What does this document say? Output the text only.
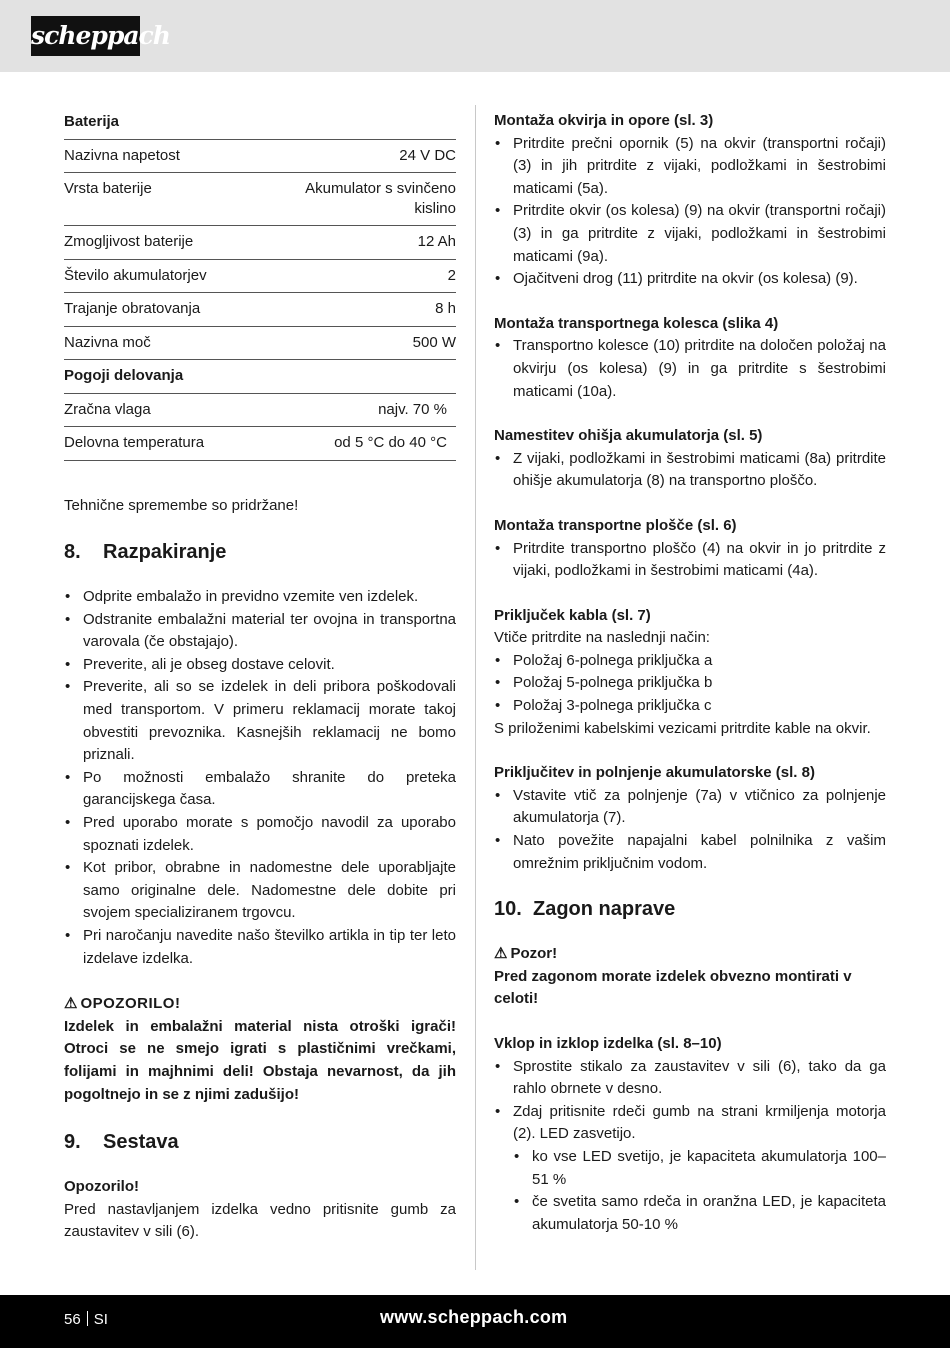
scheppach
Baterija	
Nazivna napetost	24 V DC
Vrsta baterije	Akumulator s svinčeno kislino
Zmogljivost baterije	12 Ah
Število akumulatorjev	2
Trajanje obratovanja	8 h
Nazivna moč	500 W
Pogoji delovanja	
Zračna vlaga	najv. 70 %
Delovna temperatura	od 5 °C do 40 °C

Tehnične spremembe so pridržane!

8. Razpakiranje
• Odprite embalažo in previdno vzemite ven izdelek.
• Odstranite embalažni material ter ovojna in transportna varovala (če obstajajo).
• Preverite, ali je obseg dostave celovit.
• Preverite, ali so se izdelek in deli pribora poškodovali med transportom. V primeru reklamacij morate takoj obvestiti prevoznika. Kasnejših reklamacij ne bomo priznali.
• Po možnosti embalažo shranite do preteka garancijskega časa.
• Pred uporabo morate s pomočjo navodil za uporabo spoznati izdelek.
• Kot pribor, obrabne in nadomestne dele uporabljajte samo originalne dele. Nadomestne dele dobite pri svojem specializiranem trgovcu.
• Pri naročanju navedite našo številko artikla in tip ter leto izdelave izdelka.
⚠ OPOZORILO!

Izdelek in embalažni material nista otroški igrači! Otroci se ne smejo igrati s plastičnimi vrečkami, folijami in majhnimi deli! Obstaja nevarnost, da jih pogoltnejo in se z njimi zadušijo!

9. Sestava

Opozorilo!

Pred nastavljanjem izdelka vedno pritisnite gumb za zaustavitev v sili (6).

Montaža okvirja in opore (sl. 3)
• Pritrdite prečni opornik (5) na okvir (transportni ročaji) (3) in jih pritrdite z vijaki, podložkami in šestrobimi maticami (5a).
• Pritrdite okvir (os kolesa) (9) na okvir (transportni ročaji) (3) in ga pritrdite z vijaki, podložkami in šestrobimi maticami (9a).
• Ojačitveni drog (11) pritrdite na okvir (os kolesa) (9).
Montaža transportnega kolesca (slika 4)
• Transportno kolesce (10) pritrdite na določen položaj na okvirju (os kolesa) (9) in ga pritrdite s šestrobimi maticami (10a).
Namestitev ohišja akumulatorja (sl. 5)
• Z vijaki, podložkami in šestrobimi maticami (8a) pritrdite ohišje akumulatorja (8) na transportno ploščo.
Montaža transportne plošče (sl. 6)
• Pritrdite transportno ploščo (4) na okvir in jo pritrdite z vijaki, podložkami in šestrobimi maticami (4a).
Priključek kabla (sl. 7)

Vtiče pritrdite na naslednji način:

• Položaj 6-polnega priključka a
• Položaj 5-polnega priključka b
• Položaj 3-polnega priključka c

S priloženimi kabelskimi vezicami pritrdite kable na okvir.

Priključitev in polnjenje akumulatorske (sl. 8)
• Vstavite vtič za polnjenje (7a) v vtičnico za polnjenje akumulatorja (7).
• Nato povežite napajalni kabel polnilnika z vašim omrežnim priključnim vodom.
10. Zagon naprave
⚠ Pozor!

Pred zagonom morate izdelek obvezno montirati v celoti!

Vklop in izklop izdelka (sl. 8–10)
• Sprostite stikalo za zaustavitev v sili (6), tako da ga rahlo obrnete v desno.
• Zdaj pritisnite rdeči gumb na strani krmiljenja motorja (2). LED zasvetijo.
• ko vse LED svetijo, je kapaciteta akumulatorja 100–51 %
• če svetita samo rdeča in oranžna LED, je kapaciteta akumulatorja 50-10 %
56 SI	www.scheppach.com
